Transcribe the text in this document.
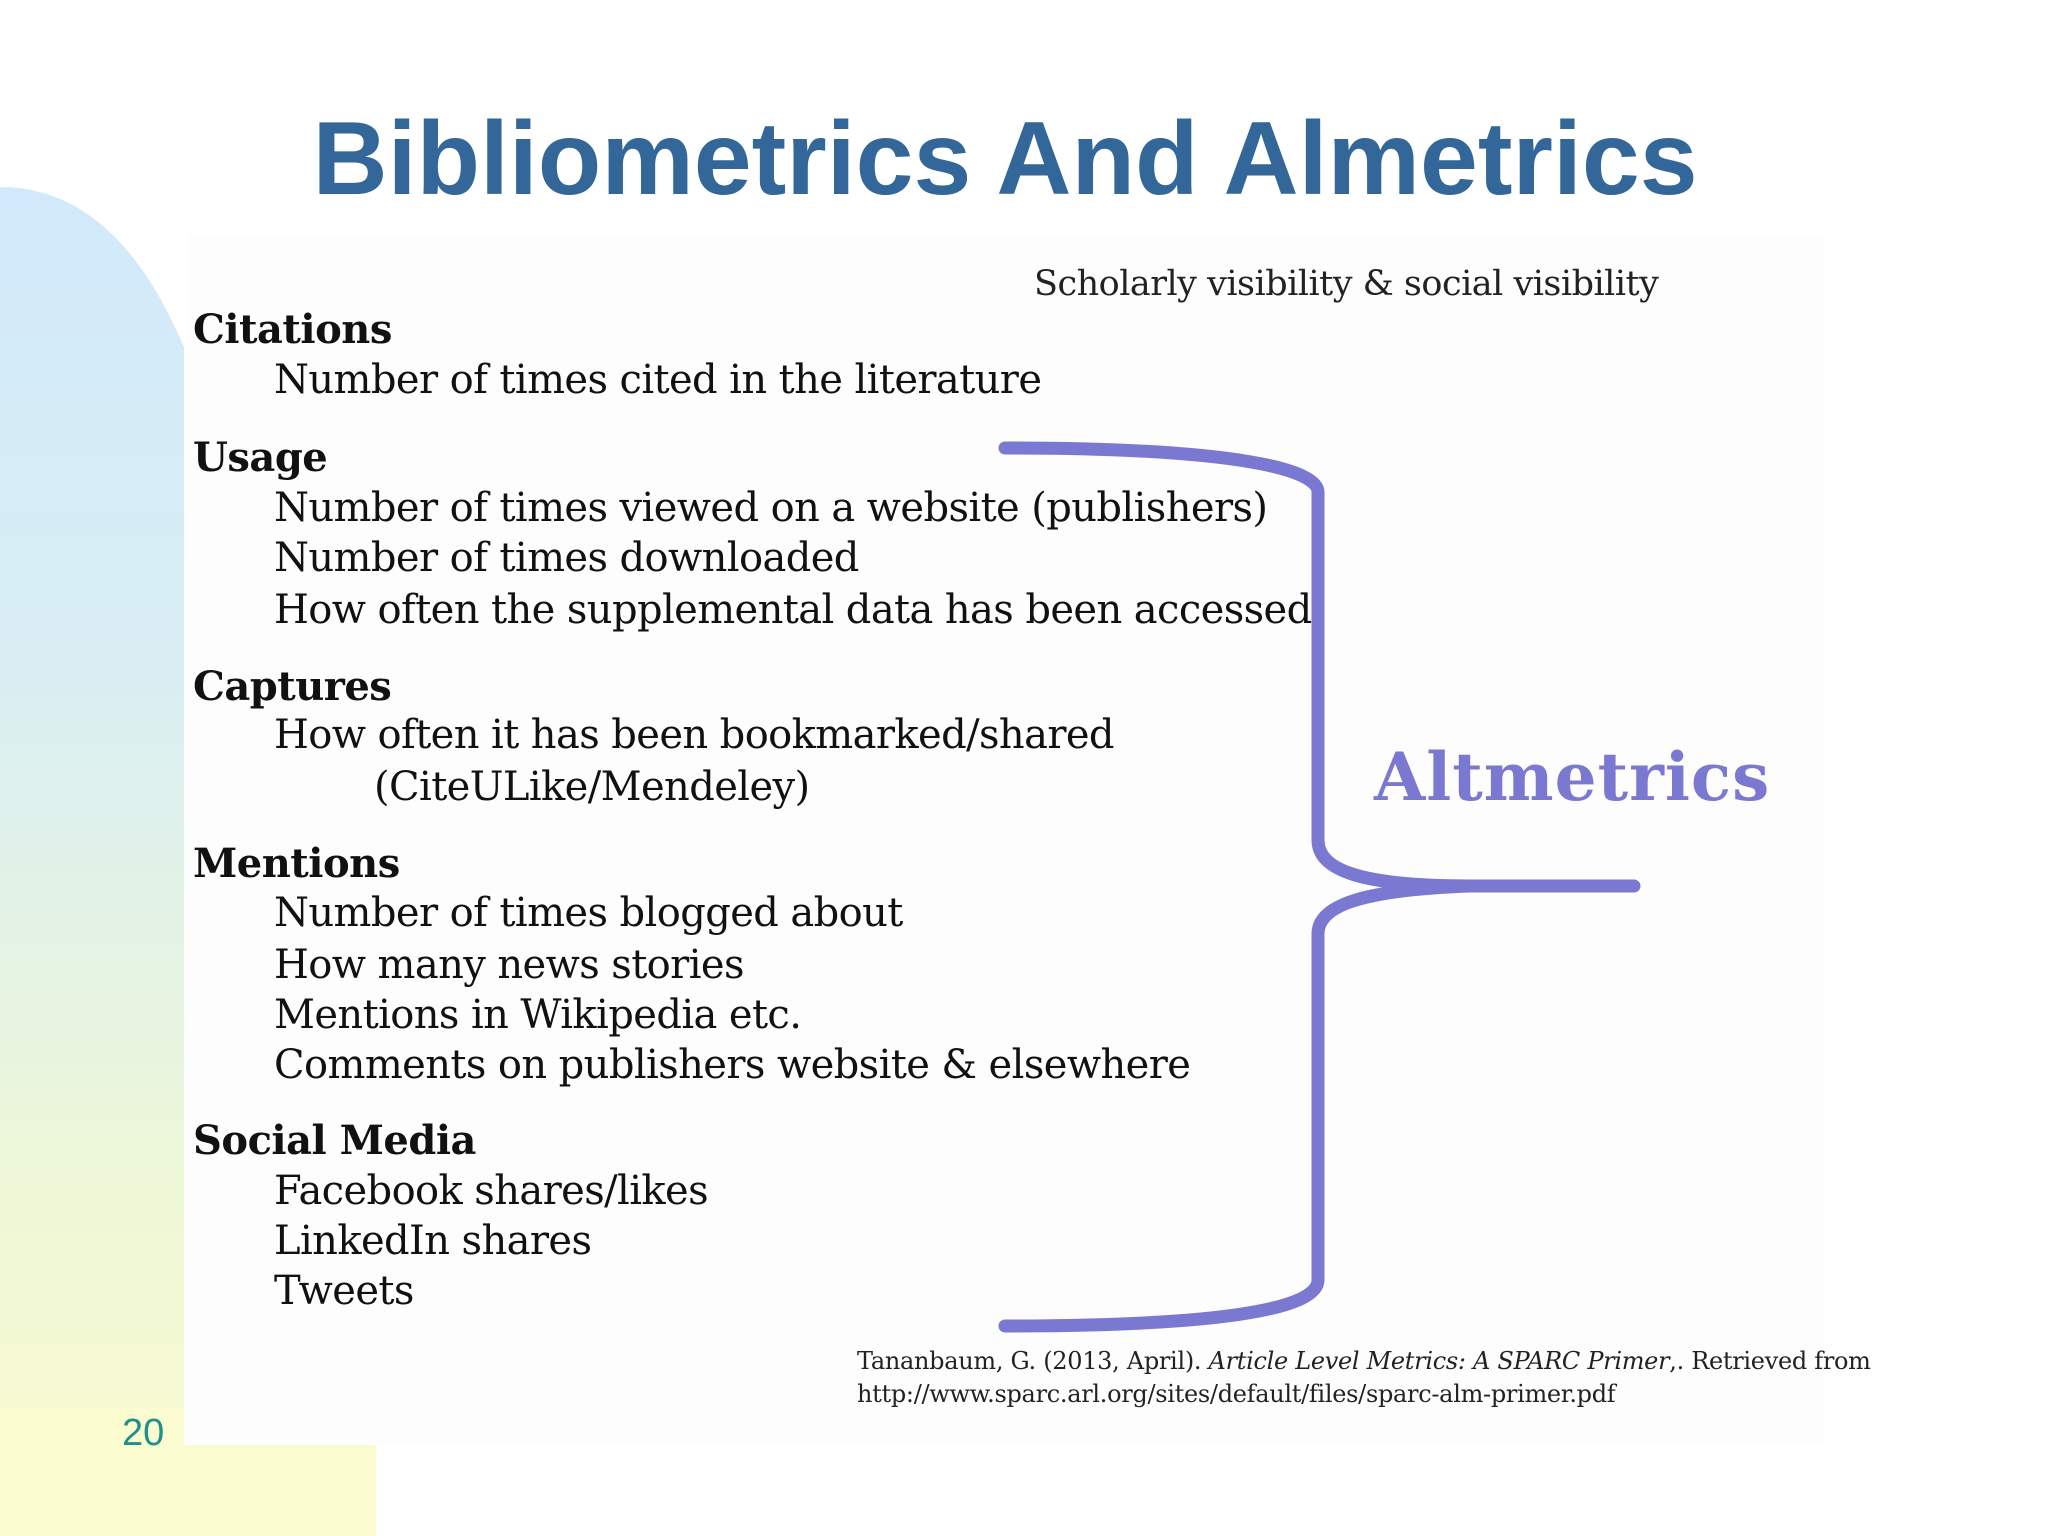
Bibliometrics And Almetrics
Scholarly visibility & social visibility
Citations
Number of times cited in the literature
Usage
Number of times viewed on a website (publishers)
Number of times downloaded
How often the supplemental data has been accessed
Captures
How often it has been bookmarked/shared
(CiteULike/Mendeley)
Mentions
Number of times blogged about
How many news stories
Mentions in Wikipedia etc.
Comments on publishers website & elsewhere
Social Media
Facebook shares/likes
LinkedIn shares
Tweets
Altmetrics
Tananbaum, G. (2013, April). Article Level Metrics: A SPARC Primer,. Retrieved from
http://www.sparc.arl.org/sites/default/files/sparc-alm-primer.pdf
20
